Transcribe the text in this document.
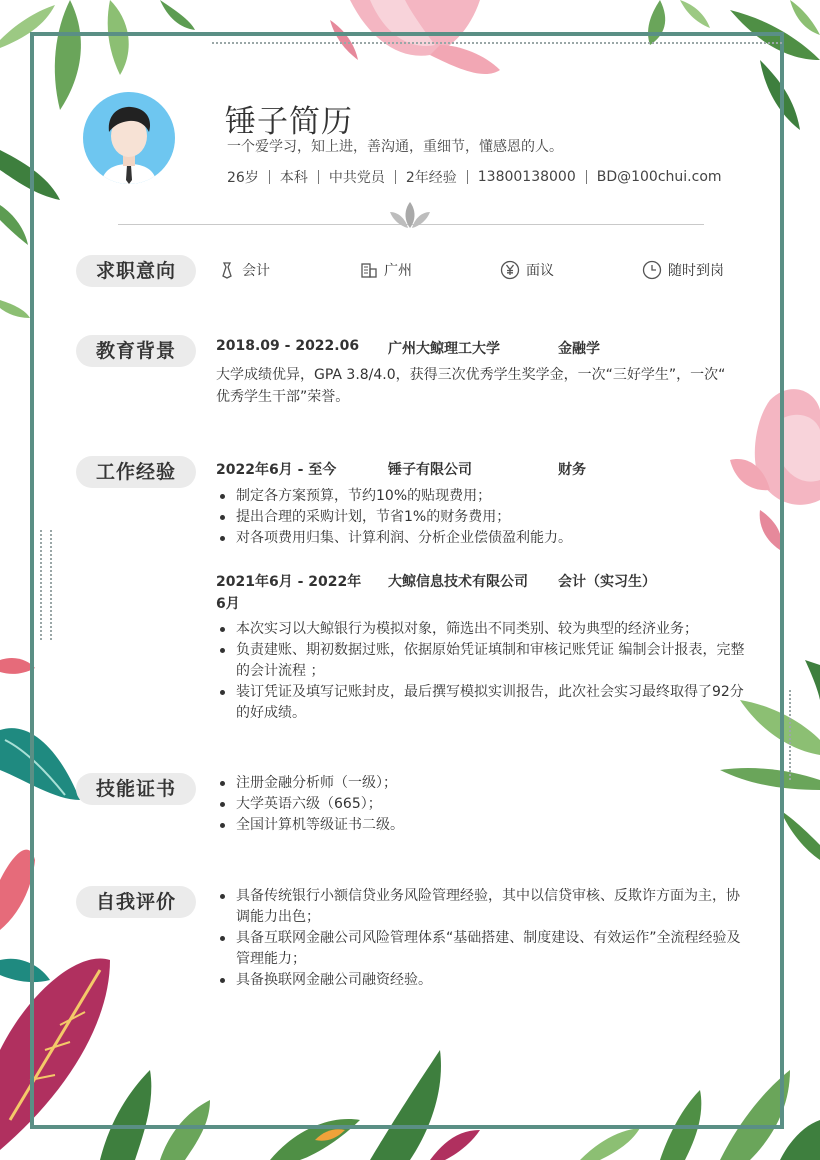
锤子简历
一个爱学习，知上进，善沟通，重细节，懂感恩的人。
26岁 本科 中共党员 2年经验 13800138000 BD@100chui.com
求职意向	会计	广州	面议	随时到岗
教育背景	2018.09 - 2022.06 广州大鲸理工大学	金融学
大学成绩优异，GPA 3.8/4.0，获得三次优秀学生奖学金，一次“三好学生”，一次“
优秀学生干部”荣誉。
工作经验	2022年6月 - 至今	锤子有限公司	财务
制定各方案预算，节约10%的贴现费用；
提出合理的采购计划，节省1%的财务费用；
对各项费用归集、计算利润、分析企业偿债盈利能力。
2021年6月 - 2022年
6月
大鲸信息技术有限公司 会计（实习生）
本次实习以大鲸银行为模拟对象，筛选出不同类别、较为典型的经济业务；
负责建账、期初数据过账，依据原始凭证填制和审核记账凭证 编制会计报表，完整的会计流程 ；
装订凭证及填写记账封皮，最后撰写模拟实训报告，此次社会实习最终取得了92分的好成绩。
技能证书	注册金融分析师（一级）；
大学英语六级（665）；
全国计算机等级证书二级。
自我评价	具备传统银行小额信贷业务风险管理经验，其中以信贷审核、反欺诈方面为主，协调能力出色；
具备互联网金融公司风险管理体系“基础搭建、制度建设、有效运作”全流程经验及管理能力；
具备换联网金融公司融资经验。
